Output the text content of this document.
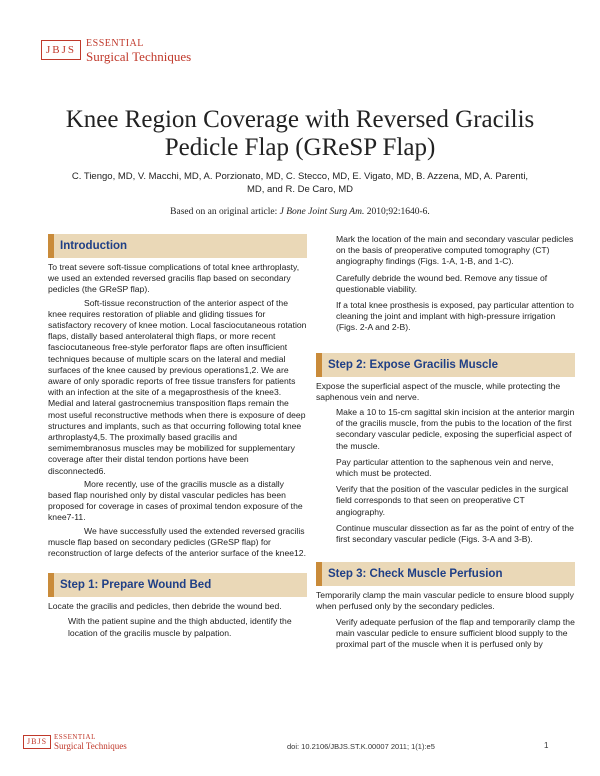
JBJS
ESSENTIAL
Surgical Techniques
Knee Region Coverage with Reversed Gracilis Pedicle Flap (GReSP Flap)
C. Tiengo, MD, V. Macchi, MD, A. Porzionato, MD, C. Stecco, MD, E. Vigato, MD, B. Azzena, MD, A. Parenti, MD, and R. De Caro, MD
Based on an original article: J Bone Joint Surg Am. 2010;92:1640-6.
Introduction

To treat severe soft-tissue complications of total knee arthroplasty, we used an extended reversed gracilis flap based on secondary pedicles (the GReSP flap).

Soft-tissue reconstruction of the anterior aspect of the knee requires restoration of pliable and gliding tissues for satisfactory recovery of knee motion. Local fasciocutaneous rotation flaps, distally based anterolateral thigh flaps, or more recent fasciocutaneous free-style perforator flaps are often insufficient techniques because of multiple scars on the lateral and medial surfaces of the knee caused by previous operations1,2. We are aware of only sporadic reports of free tissue transfers for patients with an infection at the site of a megaprosthesis of the knee3. Medial and lateral gastrocnemius transposition flaps remain the most useful reconstructive methods when there is exposure of deep structures and implants, such as that occurring following total knee arthroplasty4,5. The proximally based gracilis and semimembranosus muscles may be mobilized for supplementary coverage after their distal tendon portions have been disconnected6.

More recently, use of the gracilis muscle as a distally based flap nourished only by distal vascular pedicles has been proposed for coverage in cases of proximal tendon exposure of the knee7-11.

We have successfully used the extended reversed gracilis muscle flap based on secondary pedicles (GReSP flap) for reconstruction of large defects of the anterior surface of the knee12.

Step 1: Prepare Wound Bed

Locate the gracilis and pedicles, then debride the wound bed.

With the patient supine and the thigh abducted, identify the location of the gracilis muscle by palpation.

Mark the location of the main and secondary vascular pedicles on the basis of preoperative computed tomography (CT) angiography findings (Figs. 1-A, 1-B, and 1-C).

Carefully debride the wound bed. Remove any tissue of questionable viability.

If a total knee prosthesis is exposed, pay particular attention to cleaning the joint and implant with high-pressure irrigation (Figs. 2-A and 2-B).

Step 2: Expose Gracilis Muscle

Expose the superficial aspect of the muscle, while protecting the saphenous vein and nerve.

Make a 10 to 15-cm sagittal skin incision at the anterior margin of the gracilis muscle, from the pubis to the location of the first secondary vascular pedicle, exposing the superficial aspect of the muscle.

Pay particular attention to the saphenous vein and nerve, which must be protected.

Verify that the position of the vascular pedicles in the surgical field corresponds to that seen on preoperative CT angiography.

Continue muscular dissection as far as the point of entry of the first secondary vascular pedicle (Figs. 3-A and 3-B).

Step 3: Check Muscle Perfusion

Temporarily clamp the main vascular pedicle to ensure blood supply when perfused only by the secondary pedicles.

Verify adequate perfusion of the flap and temporarily clamp the main vascular pedicle to ensure sufficient blood supply to the proximal part of the muscle when it is perfused only by

JBJS	ESSENTIAL
Surgical Techniques	doi: 10.2106/JBJS.ST.K.00007 2011; 1(1):e5	1
